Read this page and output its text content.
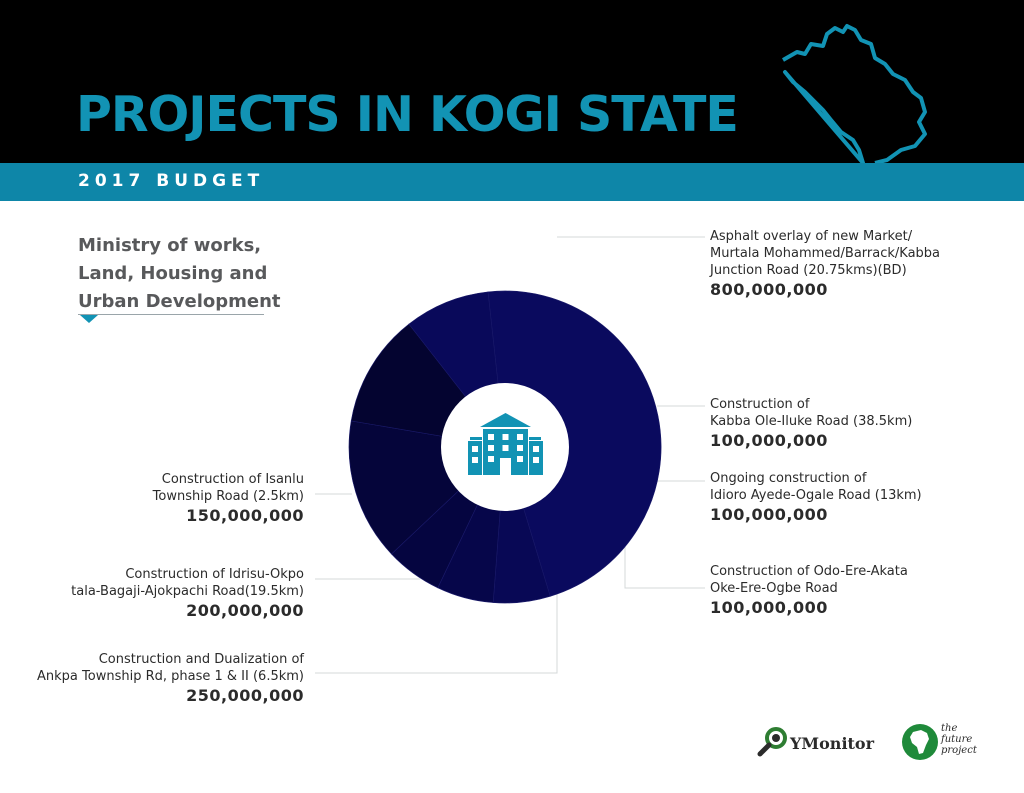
PROJECTS IN KOGI STATE
2017 BUDGET
Ministry of works,
Land, Housing and
Urban Development
Asphalt overlay of new Market/
Murtala Mohammed/Barrack/Kabba
Junction Road (20.75kms)(BD)
800,000,000
Construction of
Kabba Ole-Iluke Road (38.5km)
100,000,000
Ongoing construction of
Idioro Ayede-Ogale Road (13km)
100,000,000
Construction of Odo-Ere-Akata
Oke-Ere-Ogbe Road
100,000,000
Construction and Dualization of
Ankpa Township Rd, phase 1 & II (6.5km)
250,000,000
Construction of Idrisu-Okpo
tala-Bagaji-Ajokpachi Road(19.5km)
200,000,000
Construction of Isanlu
Township Road (2.5km)
150,000,000
YMonitor
the
future
project
